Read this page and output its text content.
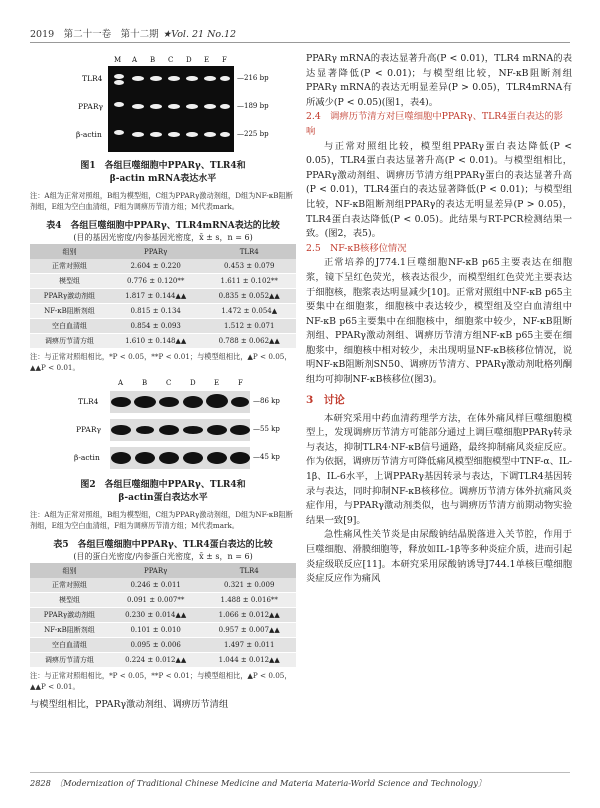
2019　第二十一卷　第十二期 ★Vol. 21 No.12
M A B C D E F
TLR4
PPARγ
β-actin
—216 bp
—189 bp
—225 bp
图1　各组巨噬细胞中PPARγ、TLR4和
β-actin mRNA表达水平
注：A组为正常对照组，B组为模型组，C组为PPARγ激动剂组，D组为NF-κB阻断剂组，E组为空白血清组，F组为调痹历节清方组；M代表mark。
表4　各组巨噬细胞中PPARγ、TLR4mRNA表达的比较
(目的基因光密度/内参基因光密度，x̄ ± s，n = 6)
组别	PPARγ	TLR4
正常对照组	2.604 ± 0.220	0.453 ± 0.079
模型组	0.776 ± 0.120**	1.611 ± 0.102**
PPARγ激动剂组	1.817 ± 0.144▲▲	0.835 ± 0.052▲▲
NF-κB阻断剂组	0.815 ± 0.134	1.472 ± 0.054▲
空白血清组	0.854 ± 0.093	1.512 ± 0.071
调痹历节清方组	1.610 ± 0.148▲▲	0.788 ± 0.062▲▲
注：与正常对照组相比，*P < 0.05，**P < 0.01；与模型组相比，▲P < 0.05，▲▲P < 0.01。
A	B	C	D	E	F
TLR4
PPARγ
β-actin
—86 kp
—55 kp
—45 kp
图2　各组巨噬细胞中PPARγ、TLR4和
β-actin蛋白表达水平
注：A组为正常对照组，B组为模型组，C组为PPARγ激动剂组，D组为NF-κB阻断剂组，E组为空白血清组，F组为调痹历节清方组；M代表mark。
表5　各组巨噬细胞中PPARγ、TLR4蛋白表达的比较
(目的蛋白光密度/内参蛋白光密度，x̄ ± s，n = 6)
组别	PPARγ	TLR4
正常对照组	0.246 ± 0.011	0.321 ± 0.009
模型组	0.091 ± 0.007**	1.488 ± 0.016**
PPARγ激动剂组	0.230 ± 0.014▲▲	1.066 ± 0.012▲▲
NF-κB阻断剂组	0.101 ± 0.010	0.957 ± 0.007▲▲
空白血清组	0.095 ± 0.006	1.497 ± 0.011
调痹历节清方组	0.224 ± 0.012▲▲	1.044 ± 0.012▲▲
注：与正常对照组相比，*P < 0.05，**P < 0.01；与模型组相比，▲P < 0.05，▲▲P < 0.01。

与模型组相比，PPARγ激动剂组、调痹历节清组

PPARγ mRNA的表达显著升高(P < 0.01)，TLR4 mRNA的表达显著降低(P < 0.01)；与模型组比较，NF-κB阻断剂组PPARγ mRNA的表达无明显差异(P > 0.05)，TLR4mRNA有所减少(P < 0.05)(图1，表4)。

2.4　调痹历节清方对巨噬细胞中PPARγ、TLR4蛋白表达的影响

与正常对照组比较，模型组PPARγ蛋白表达降低(P < 0.05)，TLR4蛋白表达显著升高(P < 0.01)。与模型组相比，PPARγ激动剂组、调痹历节清方组PPARγ蛋白的表达显著升高(P < 0.01)，TLR4蛋白的表达显著降低(P < 0.01)；与模型组比较，NF-κB阻断剂组PPARγ的表达无明显差异(P > 0.05)，TLR4蛋白表达降低(P < 0.05)。此结果与RT-PCR检测结果一致。(图2，表5)。

2.5　NF-κB核移位情况

正常培养的J774.1巨噬细胞NF-κB p65主要表达在细胞浆，镜下呈红色荧光，核表达很少，而模型组红色荧光主要表达于细胞核，胞浆表达明显减少[10]。正常对照组中NF-κB p65主要集中在细胞浆，细胞核中表达较少，模型组及空白血清组中NF-κB p65主要集中在细胞核中，细胞浆中较少，NF-κB阻断剂组、PPARγ激动剂组、调痹历节清方组NF-κB p65主要在细胞浆中，细胞核中相对较少，未出现明显NF-κB核移位情况，说明NF-κB阻断剂SN50、调痹历节清方、PPARγ激动剂吡格列酮组均可抑制NF-κB核移位(图3)。

3　讨论

本研究采用中药血清药理学方法，在体外痛风样巨噬细胞模型上，发现调痹历节清方可能部分通过上调巨噬细胞PPARγ转录与表达，抑制TLR4·NF-κB信号通路，最终抑制痛风炎症反应。作为依据，调痹历节清方可降低痛风模型细胞模型中TNF-α、IL-1β、IL-6水平，上调PPARγ基因转录与表达，下调TLR4基因转录与表达，同时抑制NF-κB核移位。调痹历节清方体外抗痛风炎症作用，与PPARγ激动剂类似，也与调痹历节清方前期动物实验结果一致[9]。

急性痛风性关节炎是由尿酸钠结晶脱落进入关节腔，作用于巨噬细胞、滑膜细胞等，释放如IL-1β等多种炎症介质，进而引起炎症级联反应[11]。本研究采用尿酸钠诱导J744.1单核巨噬细胞炎症反应作为痛风

2828　〔Modernization of Traditional Chinese Medicine and Materia Materia-World Science and Technology〕
